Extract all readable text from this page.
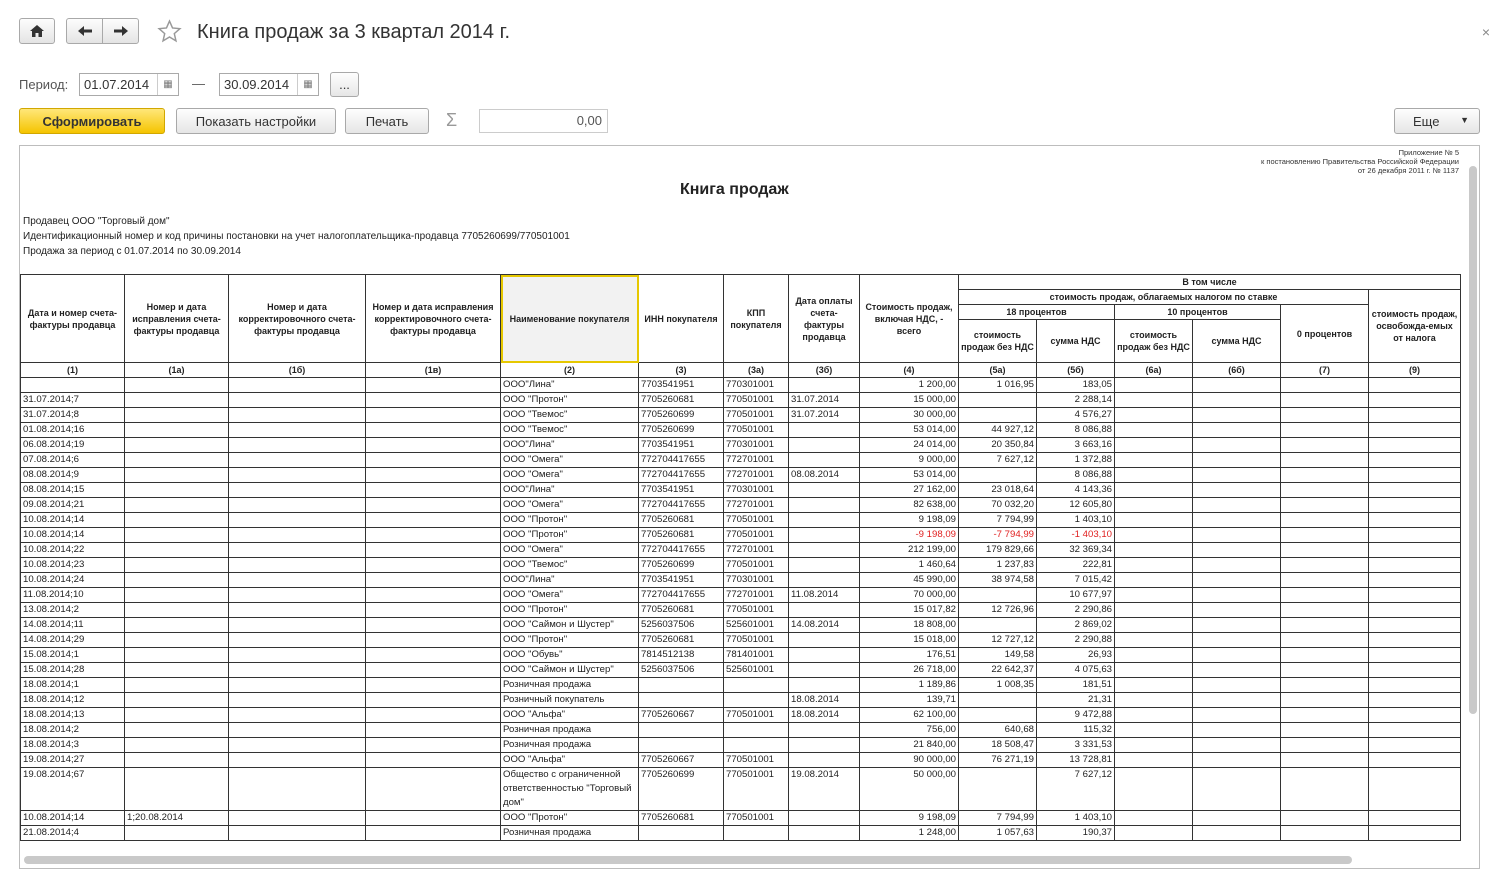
Книга продаж за 3 квартал 2014 г.	×
Период:	01.07.2014	▦	—	30.09.2014	▦	...
Сформировать	Показать настройки	Печать	Σ	0,00	Еще ▼
Приложение № 5
к постановлению Правительства Российской Федерации
от 26 декабря 2011 г. № 1137
Книга продаж
Продавец ООО "Торговый дом"
Идентификационный номер и код причины постановки на учет налогоплательщика-продавца 7705260699/770501001
Продажа за период с 01.07.2014 по 30.09.2014
Дата и номер счета-фактуры продавца	Номер и дата исправления счета-фактуры продавца	Номер и дата корректировочного счета-фактуры продавца	Номер и дата исправления корректировочного счета-фактуры продавца	Наименование покупателя	ИНН покупателя	КПП покупателя	Дата оплаты счета-фактуры продавца	Стоимость продаж, включая НДС, - всего	В том числе					
									стоимость продаж, облагаемых налогом по ставке					стоимость продаж, освобожда-емых от налога
									18 процентов		10 процентов		0 процентов	
									стоимость продаж без НДС	сумма НДС	стоимость продаж без НДС	сумма НДС		
(1)	(1а)	(1б)	(1в)	(2)	(3)	(3а)	(3б)	(4)	(5а)	(5б)	(6а)	(6б)	(7)	(9)
				ООО"Лина"	7703541951	770301001		1 200,00	1 016,95	183,05				
31.07.2014;7				ООО "Протон"	7705260681	770501001	31.07.2014	15 000,00		2 288,14				
31.07.2014;8				ООО "Твемос"	7705260699	770501001	31.07.2014	30 000,00		4 576,27				
01.08.2014;16				ООО "Твемос"	7705260699	770501001		53 014,00	44 927,12	8 086,88				
06.08.2014;19				ООО"Лина"	7703541951	770301001		24 014,00	20 350,84	3 663,16				
07.08.2014;6				ООО "Омега"	772704417655	772701001		9 000,00	7 627,12	1 372,88				
08.08.2014;9				ООО "Омега"	772704417655	772701001	08.08.2014	53 014,00		8 086,88				
08.08.2014;15				ООО"Лина"	7703541951	770301001		27 162,00	23 018,64	4 143,36				
09.08.2014;21				ООО "Омега"	772704417655	772701001		82 638,00	70 032,20	12 605,80				
10.08.2014;14				ООО "Протон"	7705260681	770501001		9 198,09	7 794,99	1 403,10				
10.08.2014;14				ООО "Протон"	7705260681	770501001		-9 198,09	-7 794,99	-1 403,10				
10.08.2014;22				ООО "Омега"	772704417655	772701001		212 199,00	179 829,66	32 369,34				
10.08.2014;23				ООО "Твемос"	7705260699	770501001		1 460,64	1 237,83	222,81				
10.08.2014;24				ООО"Лина"	7703541951	770301001		45 990,00	38 974,58	7 015,42				
11.08.2014;10				ООО "Омега"	772704417655	772701001	11.08.2014	70 000,00		10 677,97				
13.08.2014;2				ООО "Протон"	7705260681	770501001		15 017,82	12 726,96	2 290,86				
14.08.2014;11				ООО "Саймон и Шустер"	5256037506	525601001	14.08.2014	18 808,00		2 869,02				
14.08.2014;29				ООО "Протон"	7705260681	770501001		15 018,00	12 727,12	2 290,88				
15.08.2014;1				ООО "Обувь"	7814512138	781401001		176,51	149,58	26,93				
15.08.2014;28				ООО "Саймон и Шустер"	5256037506	525601001		26 718,00	22 642,37	4 075,63				
18.08.2014;1				Розничная продажа				1 189,86	1 008,35	181,51				
18.08.2014;12				Розничный покупатель			18.08.2014	139,71		21,31				
18.08.2014;13				ООО "Альфа"	7705260667	770501001	18.08.2014	62 100,00		9 472,88				
18.08.2014;2				Розничная продажа				756,00	640,68	115,32				
18.08.2014;3				Розничная продажа				21 840,00	18 508,47	3 331,53				
19.08.2014;27				ООО "Альфа"	7705260667	770501001		90 000,00	76 271,19	13 728,81				
19.08.2014;67				Общество с ограниченной ответственностью "Торговый дом"	7705260699	770501001	19.08.2014	50 000,00		7 627,12				
10.08.2014;14	1;20.08.2014			ООО "Протон"	7705260681	770501001		9 198,09	7 794,99	1 403,10				
21.08.2014;4				Розничная продажа				1 248,00	1 057,63	190,37				
